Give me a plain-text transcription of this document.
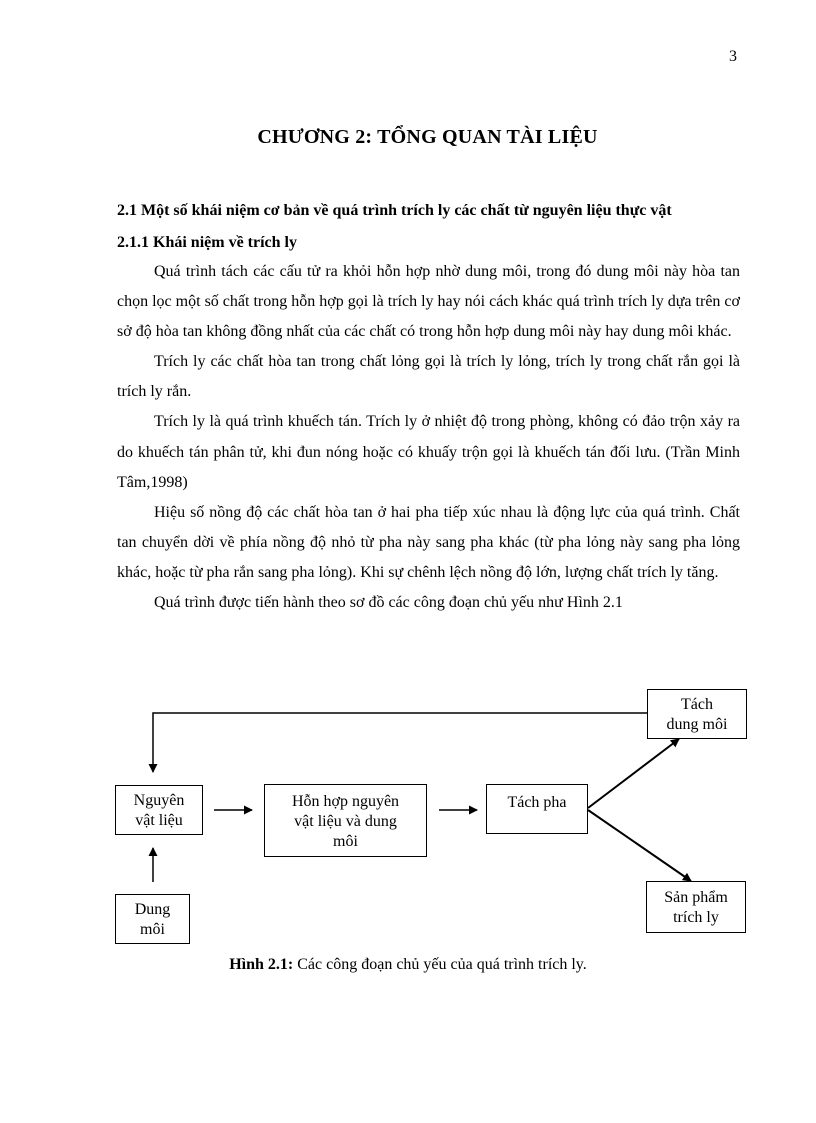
3
CHƯƠNG 2: TỔNG QUAN TÀI LIỆU
2.1 Một số khái niệm cơ bản về quá trình trích ly các chất từ nguyên liệu thực vật
2.1.1 Khái niệm về trích ly

Quá trình tách các cấu tử ra khỏi hỗn hợp nhờ dung môi, trong đó dung môi này hòa tan chọn lọc một số chất trong hỗn hợp gọi là trích ly hay nói cách khác quá trình trích ly dựa trên cơ sở độ hòa tan không đồng nhất của các chất có trong hỗn hợp dung môi này hay dung môi khác.

Trích ly các chất hòa tan trong chất lỏng gọi là trích ly lỏng, trích ly trong chất rắn gọi là trích ly rắn.

Trích ly là quá trình khuếch tán. Trích ly ở nhiệt độ trong phòng, không có đảo trộn xảy ra do khuếch tán phân tử, khi đun nóng hoặc có khuấy trộn gọi là khuếch tán đối lưu. (Trần Minh Tâm,1998)

Hiệu số nồng độ các chất hòa tan ở hai pha tiếp xúc nhau là động lực của quá trình. Chất tan chuyển dời về phía nồng độ nhỏ từ pha này sang pha khác (từ pha lỏng này sang pha lỏng khác, hoặc từ pha rắn sang pha lỏng). Khi sự chênh lệch nồng độ lớn, lượng chất trích ly tăng.

Quá trình được tiến hành theo sơ đồ các công đoạn chủ yếu như Hình 2.1

Tách
dung môi
Nguyên
vật liệu
Hỗn hợp nguyên
vật liệu và dung
môi
Tách pha
Sản phẩm
trích ly
Dung
môi
Hình 2.1: Các công đoạn chủ yếu của quá trình trích ly.
